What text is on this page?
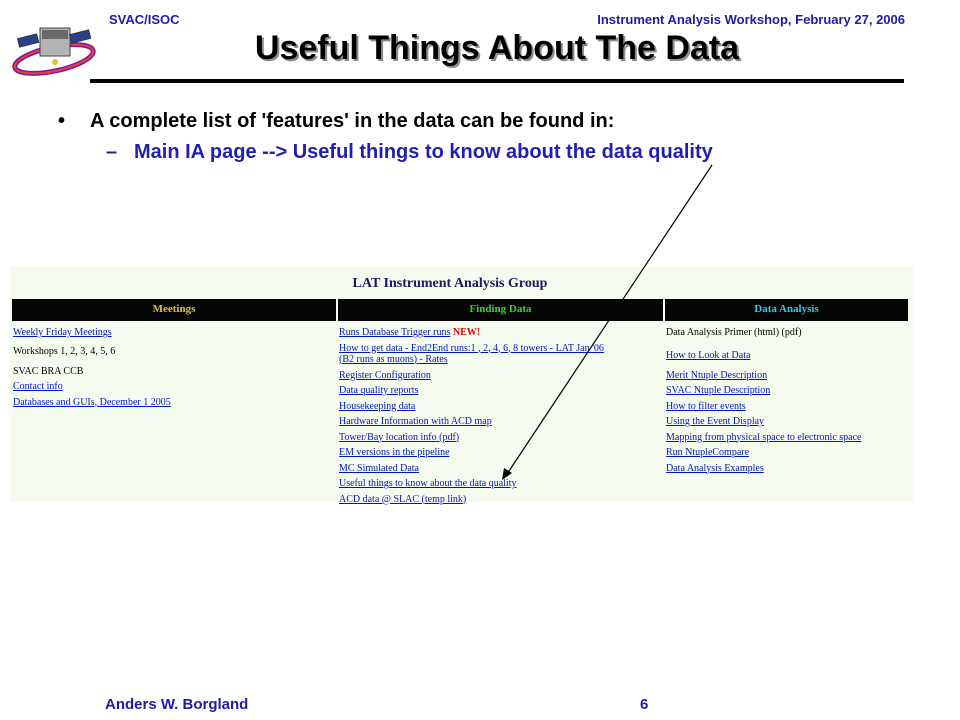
SVAC/ISOC	Instrument Analysis Workshop, February 27, 2006
Useful Things About The Data
• A complete list of 'features' in the data can be found in:
– Main IA page --> Useful things to know about the data quality
LAT Instrument Analysis Group
Meetings
Weekly Friday Meetings
Workshops 1, 2, 3, 4, 5, 6
SVAC BRA CCB
Contact info
Databases and GUIs, December 1 2005
Finding Data
Runs Database Trigger runs NEW!
How to get data - End2End runs:1 , 2, 4, 6, 8 towers - LAT Jan '06
(B2 runs as muons) - Rates
Register Configuration
Data quality reports
Housekeeping data
Hardware Information with ACD map
Tower/Bay location info (pdf)
EM versions in the pipeline
MC Simulated Data
Useful things to know about the data quality
ACD data @ SLAC (temp link)
Data Analysis
Data Analysis Primer (html) (pdf)
How to Look at Data
Merit Ntuple Description
SVAC Ntuple Description
How to filter events
Using the Event Display
Mapping from physical space to electronic space
Run NtupleCompare
Data Analysis Examples
Anders W. Borgland	6
